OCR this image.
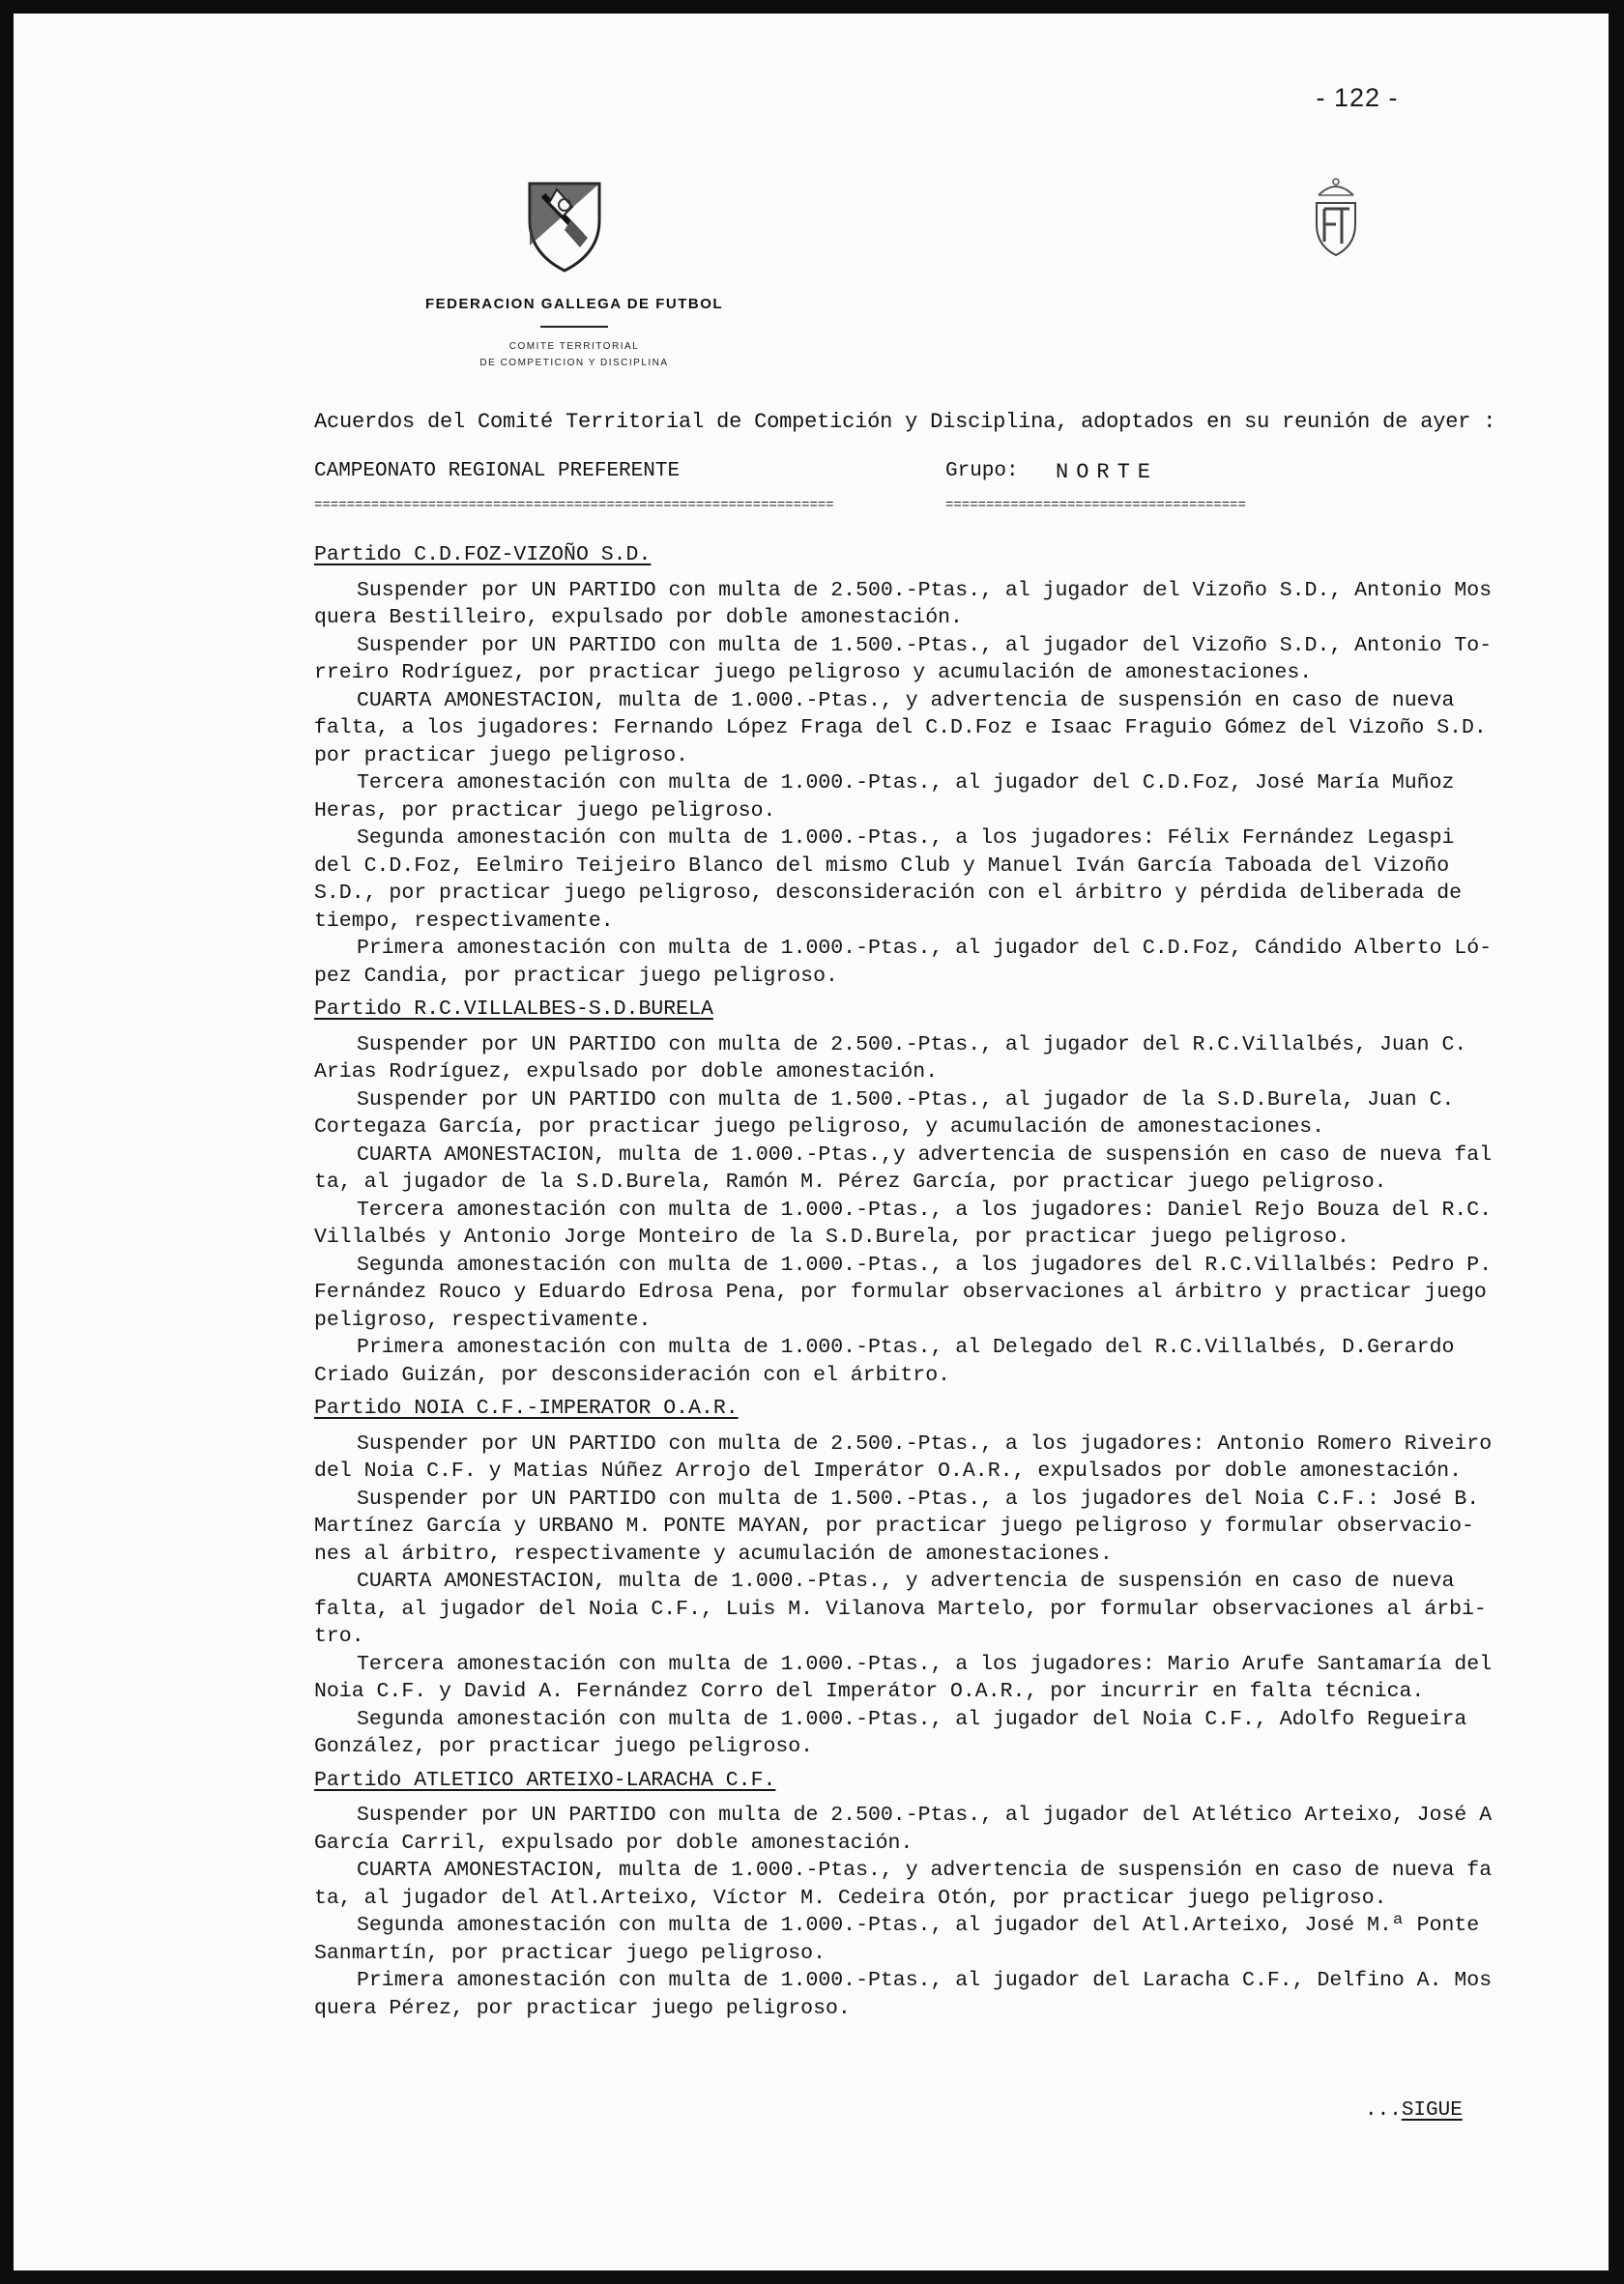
- 122 -
FEDERACION GALLEGA DE FUTBOL
COMITE TERRITORIAL
DE COMPETICION Y DISCIPLINA
Acuerdos del Comité Territorial de Competición y Disciplina, adoptados en su reunión de ayer :
CAMPEONATO REGIONAL PREFERENTE
================================================================
Grupo: NORTE
=====================================
Partido C.D.FOZ-VIZOÑO S.D.
Suspender por UN PARTIDO con multa de 2.500.-Ptas., al jugador del Vizoño S.D., Antonio Mos
quera Bestilleiro, expulsado por doble amonestación.
Suspender por UN PARTIDO con multa de 1.500.-Ptas., al jugador del Vizoño S.D., Antonio To-
rreiro Rodríguez, por practicar juego peligroso y acumulación de amonestaciones.
CUARTA AMONESTACION, multa de 1.000.-Ptas., y advertencia de suspensión en caso de nueva
falta, a los jugadores: Fernando López Fraga del C.D.Foz e Isaac Fraguio Gómez del Vizoño S.D.
por practicar juego peligroso.
Tercera amonestación con multa de 1.000.-Ptas., al jugador del C.D.Foz, José María Muñoz
Heras, por practicar juego peligroso.
Segunda amonestación con multa de 1.000.-Ptas., a los jugadores: Félix Fernández Legaspi
del C.D.Foz, Eelmiro Teijeiro Blanco del mismo Club y Manuel Iván García Taboada del Vizoño
S.D., por practicar juego peligroso, desconsideración con el árbitro y pérdida deliberada de
tiempo, respectivamente.
Primera amonestación con multa de 1.000.-Ptas., al jugador del C.D.Foz, Cándido Alberto Ló-
pez Candia, por practicar juego peligroso.
Partido R.C.VILLALBES-S.D.BURELA
Suspender por UN PARTIDO con multa de 2.500.-Ptas., al jugador del R.C.Villalbés, Juan C.
Arias Rodríguez, expulsado por doble amonestación.
Suspender por UN PARTIDO con multa de 1.500.-Ptas., al jugador de la S.D.Burela, Juan C.
Cortegaza García, por practicar juego peligroso, y acumulación de amonestaciones.
CUARTA AMONESTACION, multa de 1.000.-Ptas.,y advertencia de suspensión en caso de nueva fal
ta, al jugador de la S.D.Burela, Ramón M. Pérez García, por practicar juego peligroso.
Tercera amonestación con multa de 1.000.-Ptas., a los jugadores: Daniel Rejo Bouza del R.C.
Villalbés y Antonio Jorge Monteiro de la S.D.Burela, por practicar juego peligroso.
Segunda amonestación con multa de 1.000.-Ptas., a los jugadores del R.C.Villalbés: Pedro P.
Fernández Rouco y Eduardo Edrosa Pena, por formular observaciones al árbitro y practicar juego
peligroso, respectivamente.
Primera amonestación con multa de 1.000.-Ptas., al Delegado del R.C.Villalbés, D.Gerardo
Criado Guizán, por desconsideración con el árbitro.
Partido NOIA C.F.-IMPERATOR O.A.R.
Suspender por UN PARTIDO con multa de 2.500.-Ptas., a los jugadores: Antonio Romero Riveiro
del Noia C.F. y Matias Núñez Arrojo del Imperátor O.A.R., expulsados por doble amonestación.
Suspender por UN PARTIDO con multa de 1.500.-Ptas., a los jugadores del Noia C.F.: José B.
Martínez García y URBANO M. PONTE MAYAN, por practicar juego peligroso y formular observacio-
nes al árbitro, respectivamente y acumulación de amonestaciones.
CUARTA AMONESTACION, multa de 1.000.-Ptas., y advertencia de suspensión en caso de nueva
falta, al jugador del Noia C.F., Luis M. Vilanova Martelo, por formular observaciones al árbi-
tro.
Tercera amonestación con multa de 1.000.-Ptas., a los jugadores: Mario Arufe Santamaría del
Noia C.F. y David A. Fernández Corro del Imperátor O.A.R., por incurrir en falta técnica.
Segunda amonestación con multa de 1.000.-Ptas., al jugador del Noia C.F., Adolfo Regueira
González, por practicar juego peligroso.
Partido ATLETICO ARTEIXO-LARACHA C.F.
Suspender por UN PARTIDO con multa de 2.500.-Ptas., al jugador del Atlético Arteixo, José A
García Carril, expulsado por doble amonestación.
CUARTA AMONESTACION, multa de 1.000.-Ptas., y advertencia de suspensión en caso de nueva fa
ta, al jugador del Atl.Arteixo, Víctor M. Cedeira Otón, por practicar juego peligroso.
Segunda amonestación con multa de 1.000.-Ptas., al jugador del Atl.Arteixo, José M.ª Ponte
Sanmartín, por practicar juego peligroso.
Primera amonestación con multa de 1.000.-Ptas., al jugador del Laracha C.F., Delfino A. Mos
quera Pérez, por practicar juego peligroso.
...SIGUE
